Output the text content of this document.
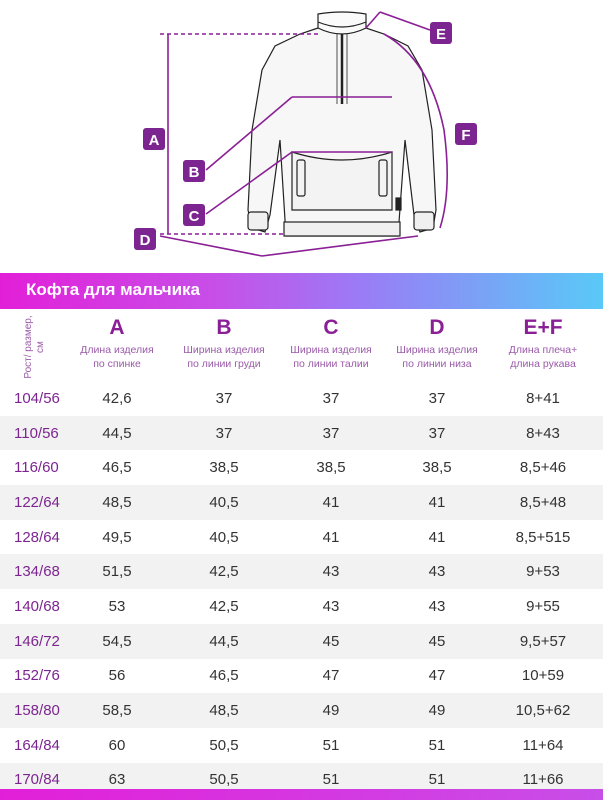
A
B
C
D
E
F
Кофта для мальчика
Рост/ размер, см
A
Длина изделия
по спинке
B
Ширина изделия
по линии груди
C
Ширина изделия
по линии талии
D
Ширина изделия
по линии низа
E+F
Длина плеча+
длина рукава
104/56	42,6	37	37	37	8+41
110/56	44,5	37	37	37	8+43
116/60	46,5	38,5	38,5	38,5	8,5+46
122/64	48,5	40,5	41	41	8,5+48
128/64	49,5	40,5	41	41	8,5+515
134/68	51,5	42,5	43	43	9+53
140/68	53	42,5	43	43	9+55
146/72	54,5	44,5	45	45	9,5+57
152/76	56	46,5	47	47	10+59
158/80	58,5	48,5	49	49	10,5+62
164/84	60	50,5	51	51	11+64
170/84	63	50,5	51	51	11+66
